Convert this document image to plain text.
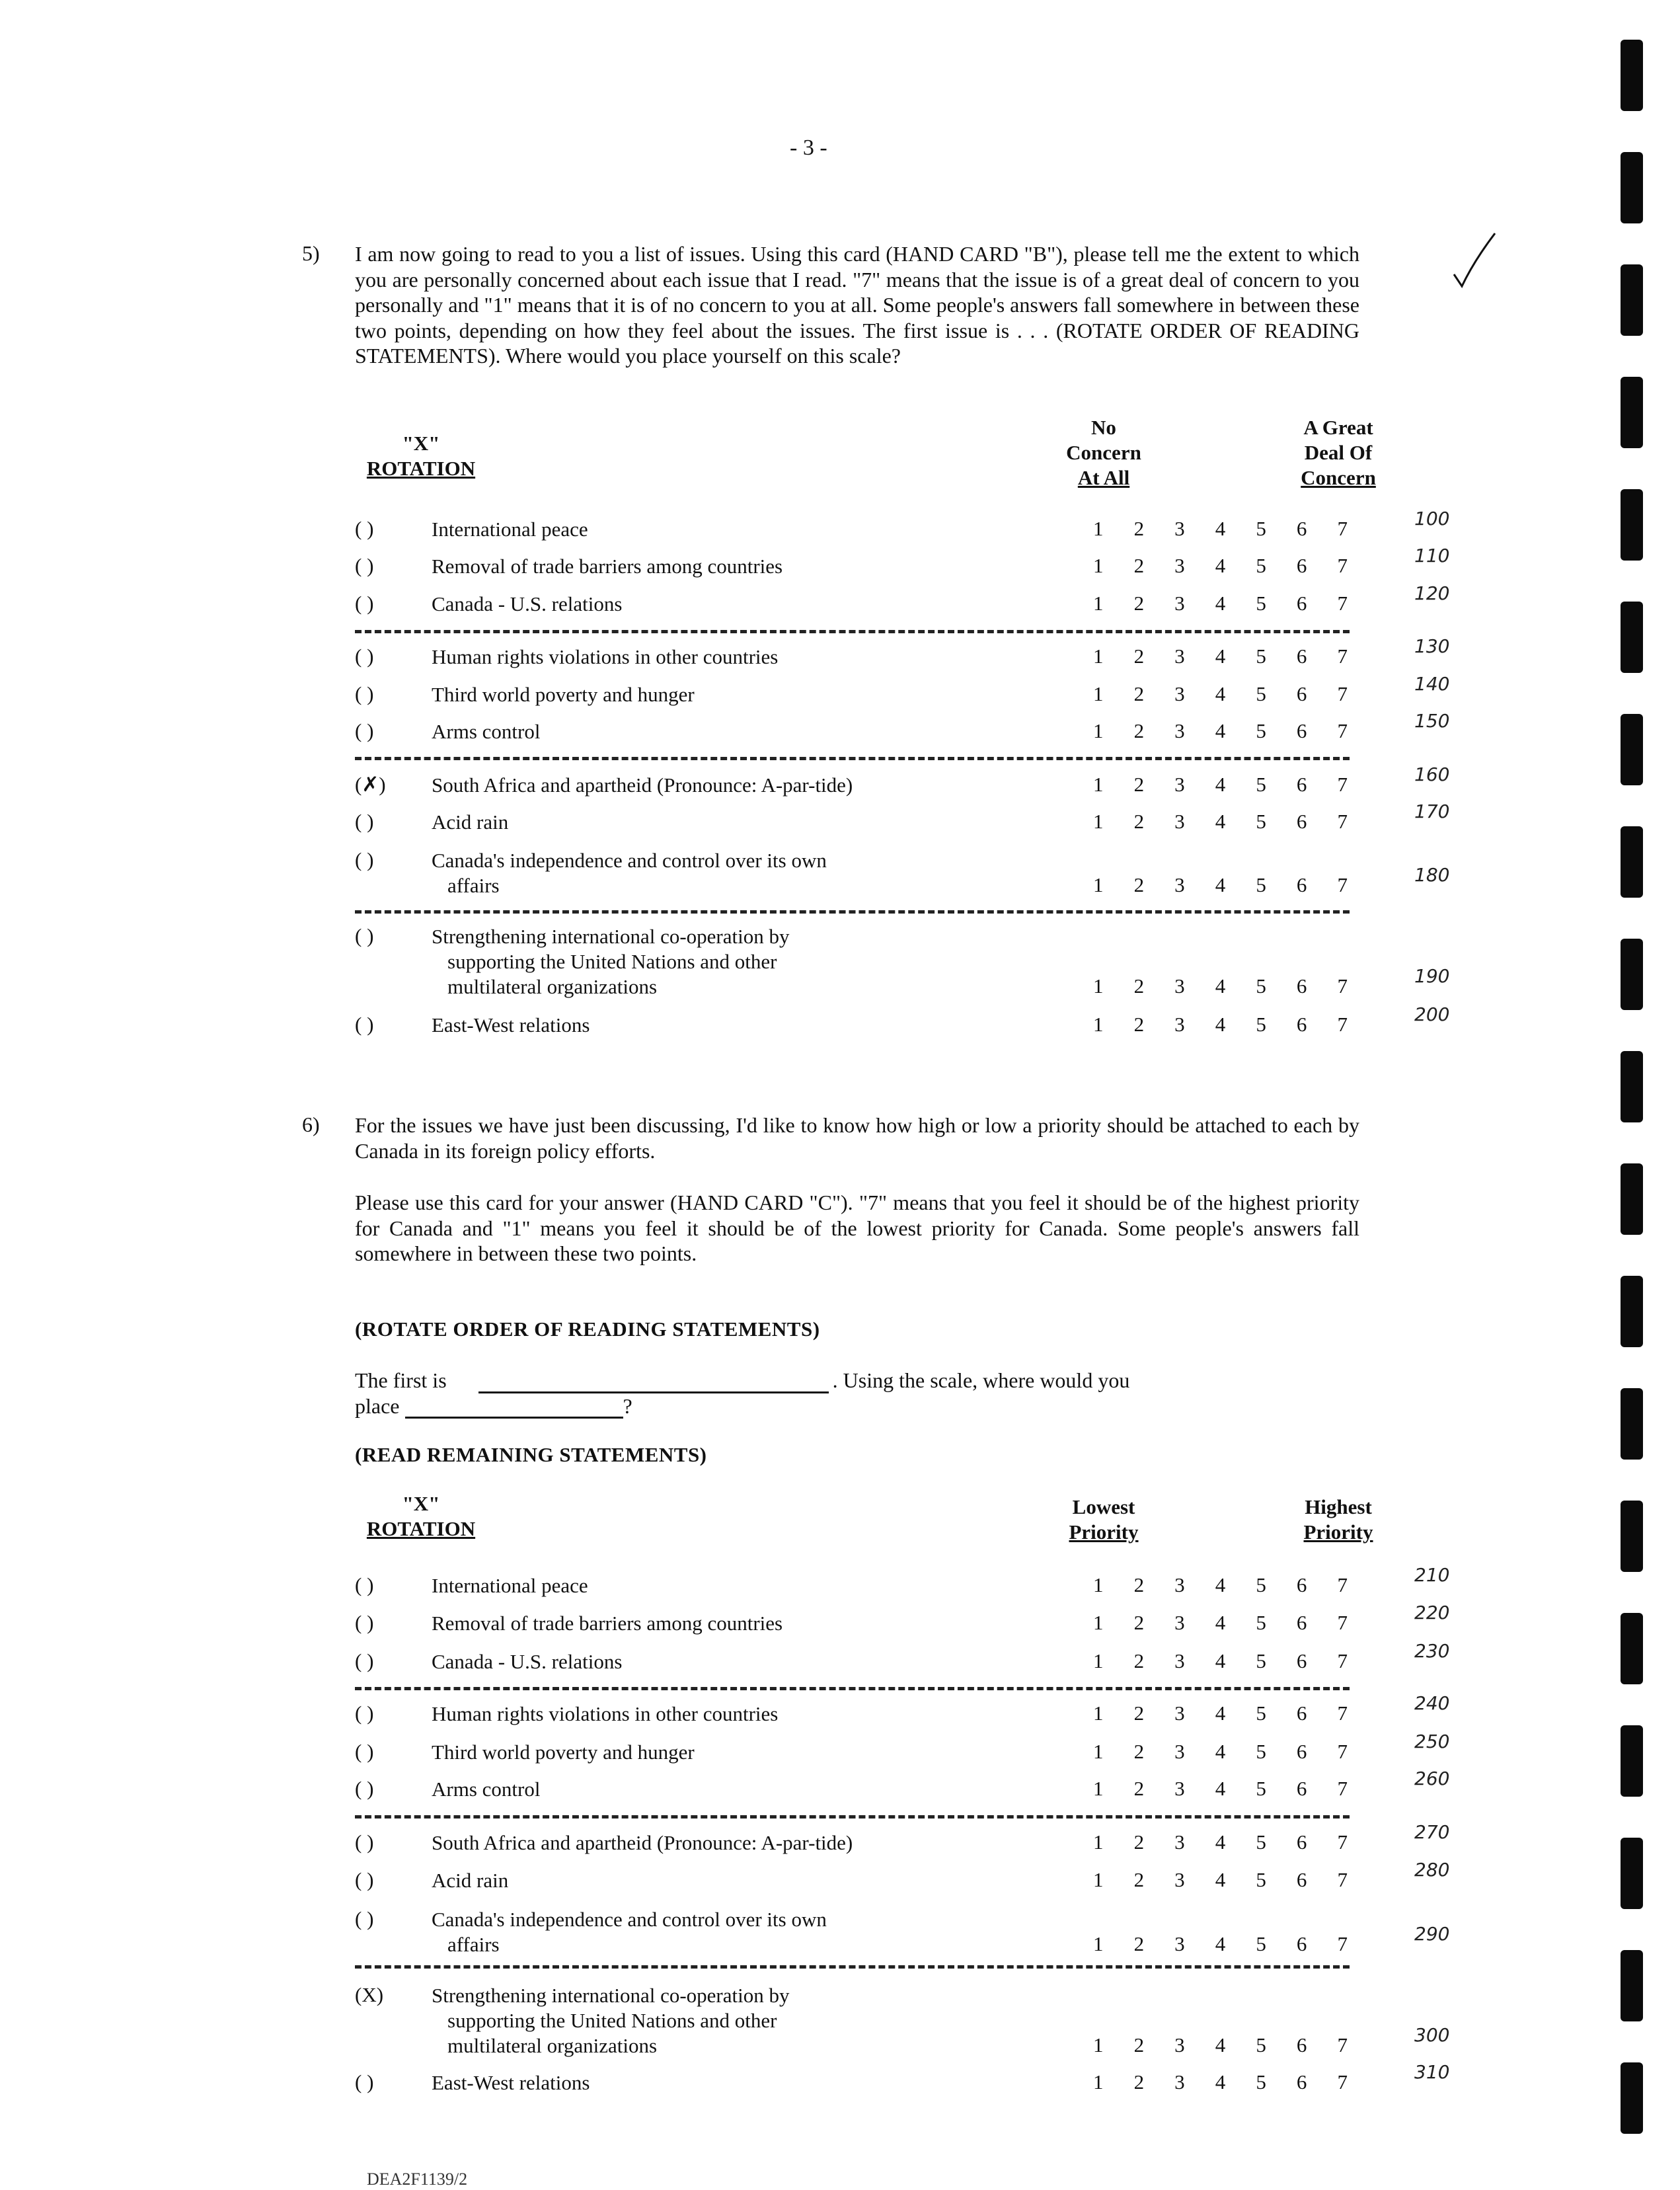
- 3 -
5) I am now going to read to you a list of issues. Using this card (HAND CARD "B"), please tell me the extent to which you are personally concerned about each issue that I read. "7" means that the issue is of a great deal of concern to you personally and "1" means that it is of no concern to you at all. Some people's answers fall somewhere in between these two points, depending on how they feel about the issues. The first issue is . . . (ROTATE ORDER OF READING STATEMENTS). Where would you place yourself on this scale?

"X"
ROTATION
No
Concern
At All
A Great
Deal Of
Concern
( )	International peace	1 2 3 4 5 6 7	100
( )	Removal of trade barriers among countries	1 2 3 4 5 6 7	110
( )	Canada - U.S. relations	1 2 3 4 5 6 7	120
( )	Human rights violations in other countries	1 2 3 4 5 6 7	130
( )	Third world poverty and hunger	1 2 3 4 5 6 7	140
( )	Arms control	1 2 3 4 5 6 7	150
(✗)	South Africa and apartheid (Pronounce: A-par-tide)	1 2 3 4 5 6 7	160
( )	Acid rain	1 2 3 4 5 6 7	170
( )	Canada's independence and control over its own
affairs	1 2 3 4 5 6 7	180
( )	Strengthening international co-operation by
supporting the United Nations and other
multilateral organizations	1 2 3 4 5 6 7	190
( )	East-West relations	1 2 3 4 5 6 7	200
6) For the issues we have just been discussing, I'd like to know how high or low a priority should be attached to each by Canada in its foreign policy efforts.

Please use this card for your answer (HAND CARD "C"). "7" means that you feel it should be of the highest priority for Canada and "1" means you feel it should be of the lowest priority for Canada. Some people's answers fall somewhere in between these two points.

(ROTATE ORDER OF READING STATEMENTS)
The first is	. Using the scale, where would you
place	?
(READ REMAINING STATEMENTS)
"X"
ROTATION
Lowest
Priority
Highest
Priority
( )	International peace	1 2 3 4 5 6 7	210
( )	Removal of trade barriers among countries	1 2 3 4 5 6 7	220
( )	Canada - U.S. relations	1 2 3 4 5 6 7	230
( )	Human rights violations in other countries	1 2 3 4 5 6 7	240
( )	Third world poverty and hunger	1 2 3 4 5 6 7	250
( )	Arms control	1 2 3 4 5 6 7	260
( )	South Africa and apartheid (Pronounce: A-par-tide)	1 2 3 4 5 6 7	270
( )	Acid rain	1 2 3 4 5 6 7	280
( )	Canada's independence and control over its own
affairs	1 2 3 4 5 6 7	290
(X)	Strengthening international co-operation by
supporting the United Nations and other
multilateral organizations	1 2 3 4 5 6 7	300
( )	East-West relations	1 2 3 4 5 6 7	310
DEA2F1139/2
